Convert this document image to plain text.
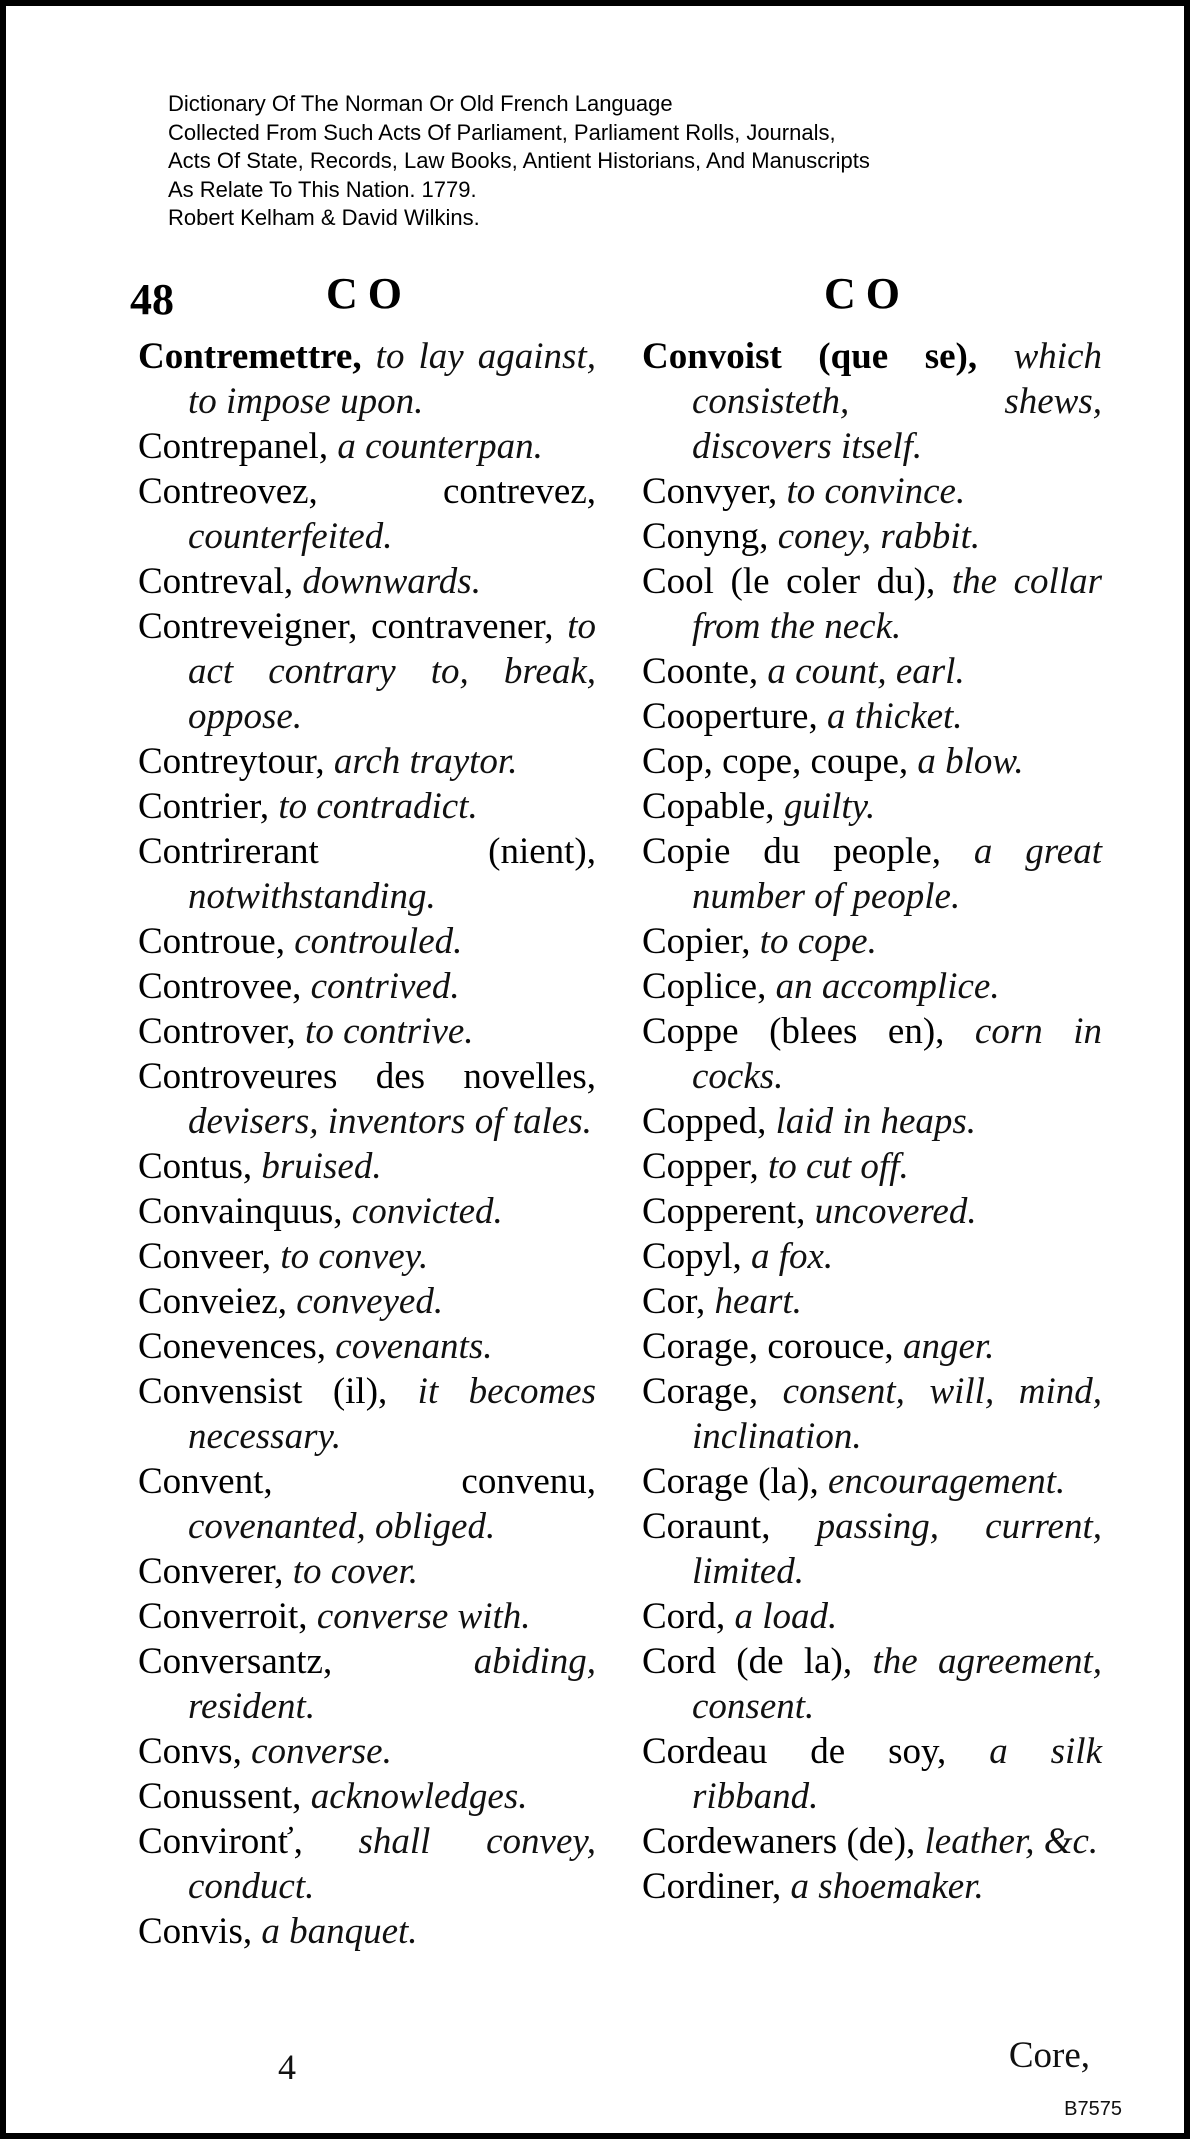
Dictionary Of The Norman Or Old French Language
Collected From Such Acts Of Parliament, Parliament Rolls, Journals,
Acts Of State, Records, Law Books, Antient Historians, And Manuscripts
As Relate To This Nation. 1779.
Robert Kelham & David Wilkins.
48	CO	CO
Contremettre, to lay against, to impose upon.
Contrepanel, a counterpan.
Contreovez, contrevez, counterfeited.
Contreval, downwards.
Contreveigner, contravener, to act contrary to, break, oppose.
Contreytour, arch traytor.
Contrier, to contradict.
Contrirerant (nient), notwithstanding.
Controue, controuled.
Controvee, contrived.
Controver, to contrive.
Controveures des novelles, devisers, inventors of tales.
Contus, bruised.
Convainquus, convicted.
Conveer, to convey.
Conveiez, conveyed.
Conevences, covenants.
Convensist (il), it becomes necessary.
Convent, convenu, covenanted, obliged.
Converer, to cover.
Converroit, converse with.
Conversantz,	abiding, resident.
Convs, converse.
Conussent, acknowledges.
Convironť, shall convey, conduct.
Convis, a banquet.
Convoist (que se), which consisteth, shews, discovers itself.
Convyer, to convince.
Conyng, coney, rabbit.
Cool (le coler du), the collar from the neck.
Coonte, a count, earl.
Cooperture, a thicket.
Cop, cope, coupe, a blow.
Copable, guilty.
Copie du people, a great number of people.
Copier, to cope.
Coplice, an accomplice.
Coppe (blees en), corn in cocks.
Copped, laid in heaps.
Copper, to cut off.
Copperent, uncovered.
Copyl, a fox.
Cor, heart.
Corage, corouce, anger.
Corage, consent, will, mind, inclination.
Corage (la), encouragement.
Coraunt, passing, current, limited.
Cord, a load.
Cord (de la), the agreement, consent.
Cordeau de soy, a silk ribband.
Cordewaners (de), leather, &c.
Cordiner, a shoemaker.
4	Core,
B7575
